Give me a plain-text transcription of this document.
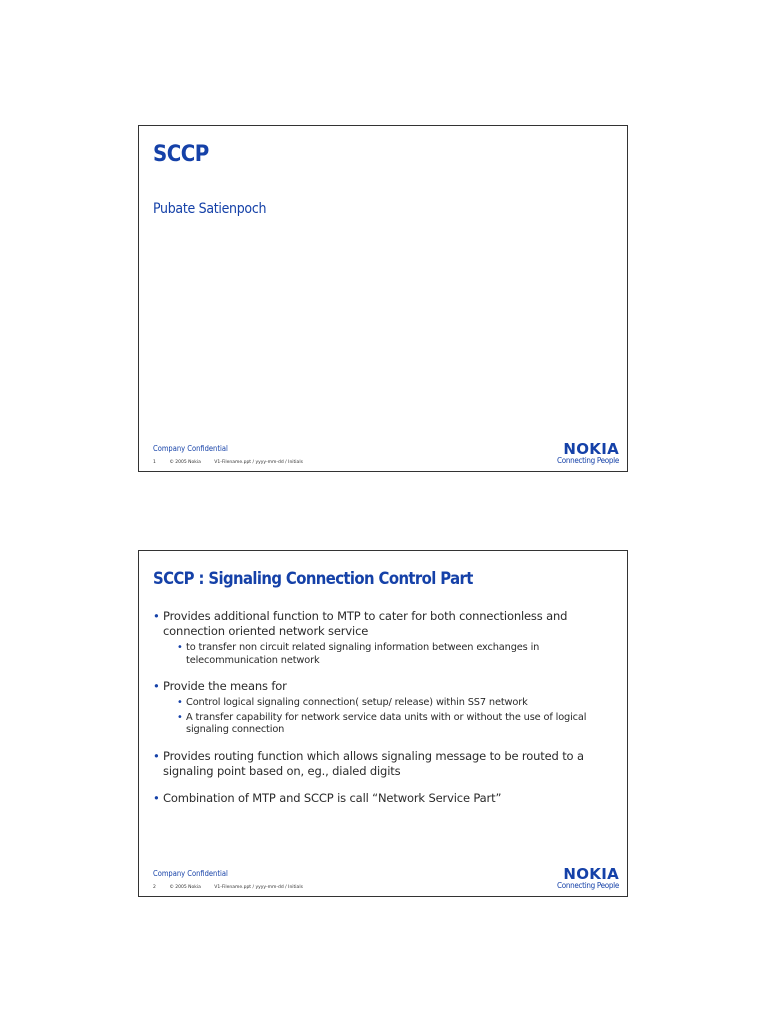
SCCP
Pubate Satienpoch
Company Confidential
1	© 2005 Nokia	V1-Filename.ppt / yyyy-mm-dd / Initials
NOKIA
Connecting People
SCCP : Signaling Connection Control Part
• Provides additional function to MTP to cater for both connectionless and connection oriented network service
• to transfer non circuit related signaling information between exchanges in telecommunication network
• Provide the means for
• Control logical signaling connection( setup/ release) within SS7 network
• A transfer capability for network service data units with or without the use of logical signaling connection
• Provides routing function which allows signaling message to be routed to a signaling point based on, eg., dialed digits
• Combination of MTP and SCCP is call “Network Service Part”
Company Confidential
2	© 2005 Nokia	V1-Filename.ppt / yyyy-mm-dd / Initials
NOKIA
Connecting People
